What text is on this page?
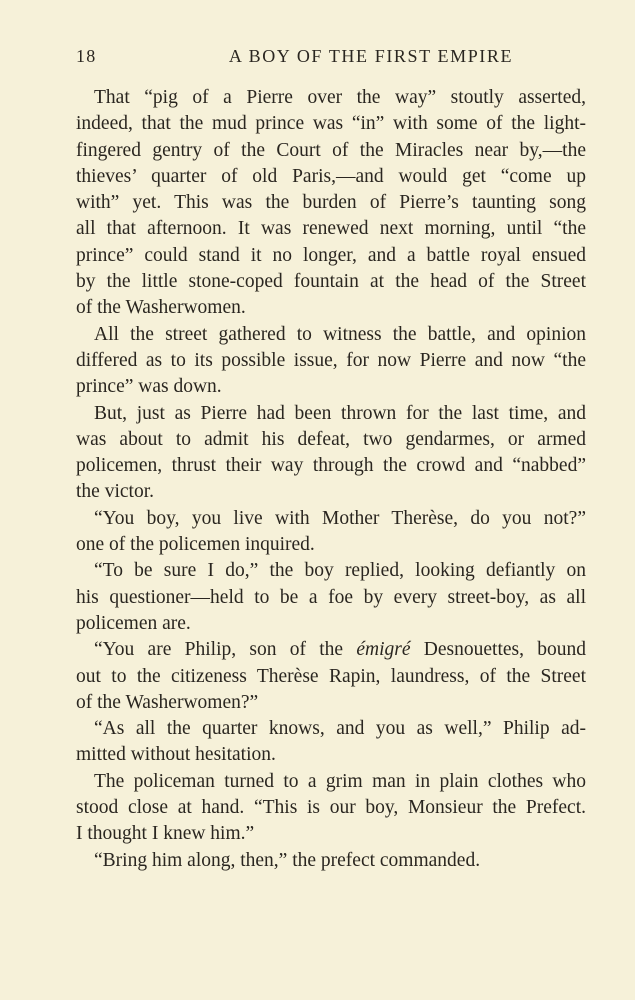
18	A BOY OF THE FIRST EMPIRE
That “pig of a Pierre over the way” stoutly asserted,
indeed, that the mud prince was “in” with some of the light-
fingered gentry of the Court of the Miracles near by,—the
thieves’ quarter of old Paris,—and would get “come up
with” yet. This was the burden of Pierre’s taunting song
all that afternoon. It was renewed next morning, until “the
prince” could stand it no longer, and a battle royal ensued
by the little stone-coped fountain at the head of the Street
of the Washerwomen.
All the street gathered to witness the battle, and opinion
differed as to its possible issue, for now Pierre and now “the
prince” was down.
But, just as Pierre had been thrown for the last time, and
was about to admit his defeat, two gendarmes, or armed
policemen, thrust their way through the crowd and “nabbed”
the victor.
“You boy, you live with Mother Therèse, do you not?”
one of the policemen inquired.
“To be sure I do,” the boy replied, looking defiantly on
his questioner—held to be a foe by every street-boy, as all
policemen are.
“You are Philip, son of the émigré Desnouettes, bound
out to the citizeness Therèse Rapin, laundress, of the Street
of the Washerwomen?”
“As all the quarter knows, and you as well,” Philip ad-
mitted without hesitation.
The policeman turned to a grim man in plain clothes who
stood close at hand. “This is our boy, Monsieur the Prefect.
I thought I knew him.”
“Bring him along, then,” the prefect commanded.
